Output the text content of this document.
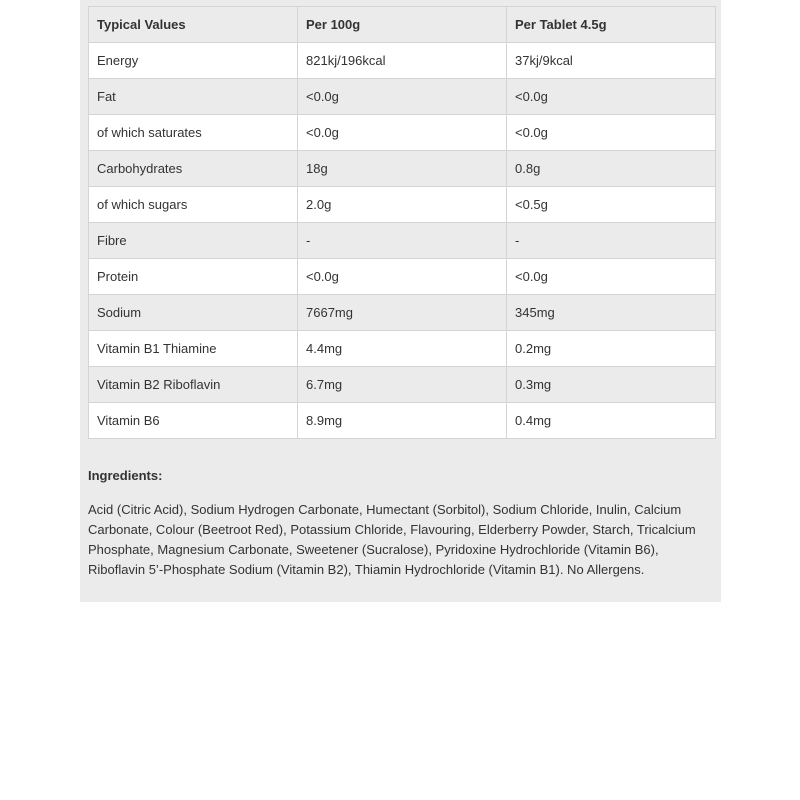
Typical Values	Per 100g	Per Tablet 4.5g
Energy	821kj/196kcal	37kj/9kcal
Fat	<0.0g	<0.0g
of which saturates	<0.0g	<0.0g
Carbohydrates	18g	0.8g
of which sugars	2.0g	<0.5g
Fibre	-	-
Protein	<0.0g	<0.0g
Sodium	7667mg	345mg
Vitamin B1 Thiamine	4.4mg	0.2mg
Vitamin B2 Riboflavin	6.7mg	0.3mg
Vitamin B6	8.9mg	0.4mg

Ingredients:

Acid (Citric Acid), Sodium Hydrogen Carbonate, Humectant (Sorbitol), Sodium Chloride, Inulin, Calcium Carbonate, Colour (Beetroot Red), Potassium Chloride, Flavouring, Elderberry Powder, Starch, Tricalcium Phosphate, Magnesium Carbonate, Sweetener (Sucralose), Pyridoxine Hydrochloride (Vitamin B6), Riboflavin 5’-Phosphate Sodium (Vitamin B2), Thiamin Hydrochloride (Vitamin B1). No Allergens.
